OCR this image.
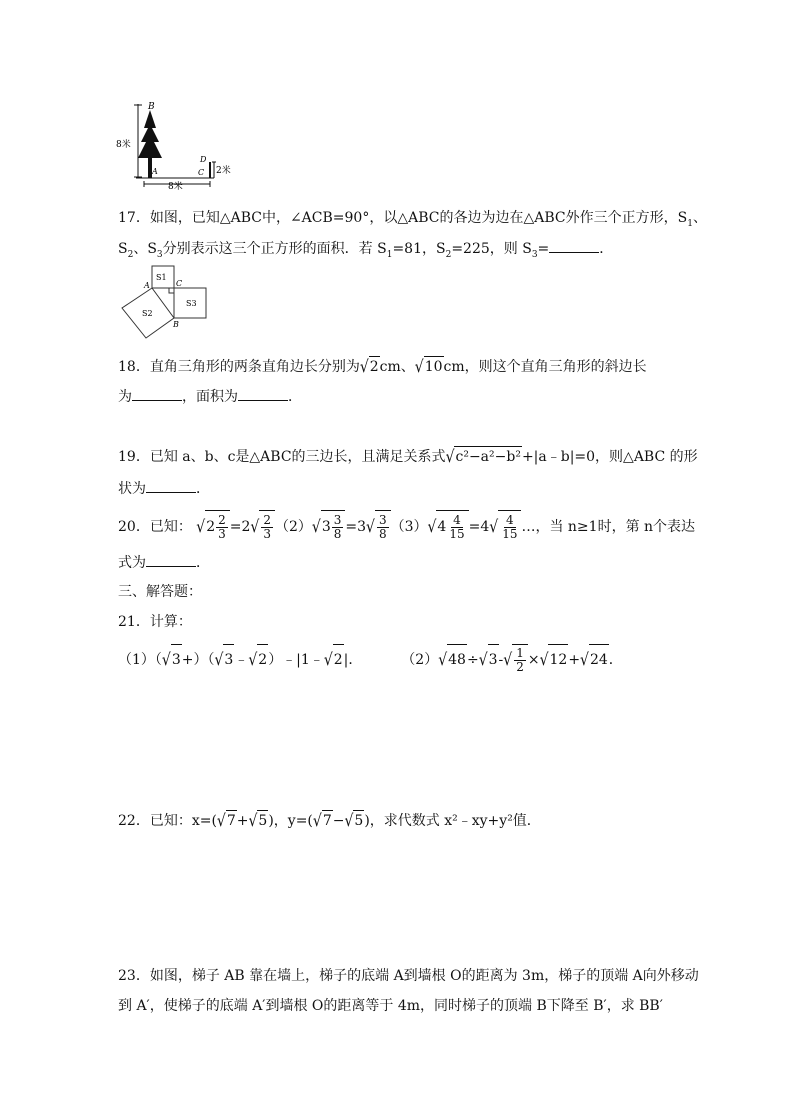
B
A	C
D
8米
2米
8米
17．如图，已知△ABC中，∠ACB=90°，以△ABC的各边为边在△ABC外作三个正方形，$S_1$、
$S_2$、$S_3$分别表示这三个正方形的面积．若 $S_1=81$，$S_2=225$，则 $S_3=$	．
S1
S3
S2
A	C
B
18．直角三角形的两条直角边长分别为√2cm、√10cm，则这个直角三角形的斜边长
为	，面积为	．
19．已知 a、b、c是△ABC的三边长，且满足关系式√c²−a²−b²+|a﹣b|=0，则△ABC 的形
状为	．
20．已知： $√2 \frac{2}{3} =2√ \frac{2}{3} (2)√3 \frac{3}{8} =3√ \frac{3}{8} (3)√4 \frac{4}{15} =4√ \frac{4}{15}$ …，当 n≥1时，第 n个表达
式为	．
三、解答题：
21．计算：
（1）（√3+）（√3﹣√2）﹣|1﹣√2|．	$(2)√48\div√3-√ \frac{1}{2} \times√12+√24$．
22．已知：x=(√7+√5)，y=(√7−√5)，求代数式 x²﹣xy+y²值．
23．如图，梯子 AB 靠在墙上，梯子的底端 A到墙根 O的距离为 3m，梯子的顶端 A向外移动
到 A′，使梯子的底端 A′到墙根 O的距离等于 4m，同时梯子的顶端 B下降至 B′，求 BB′
